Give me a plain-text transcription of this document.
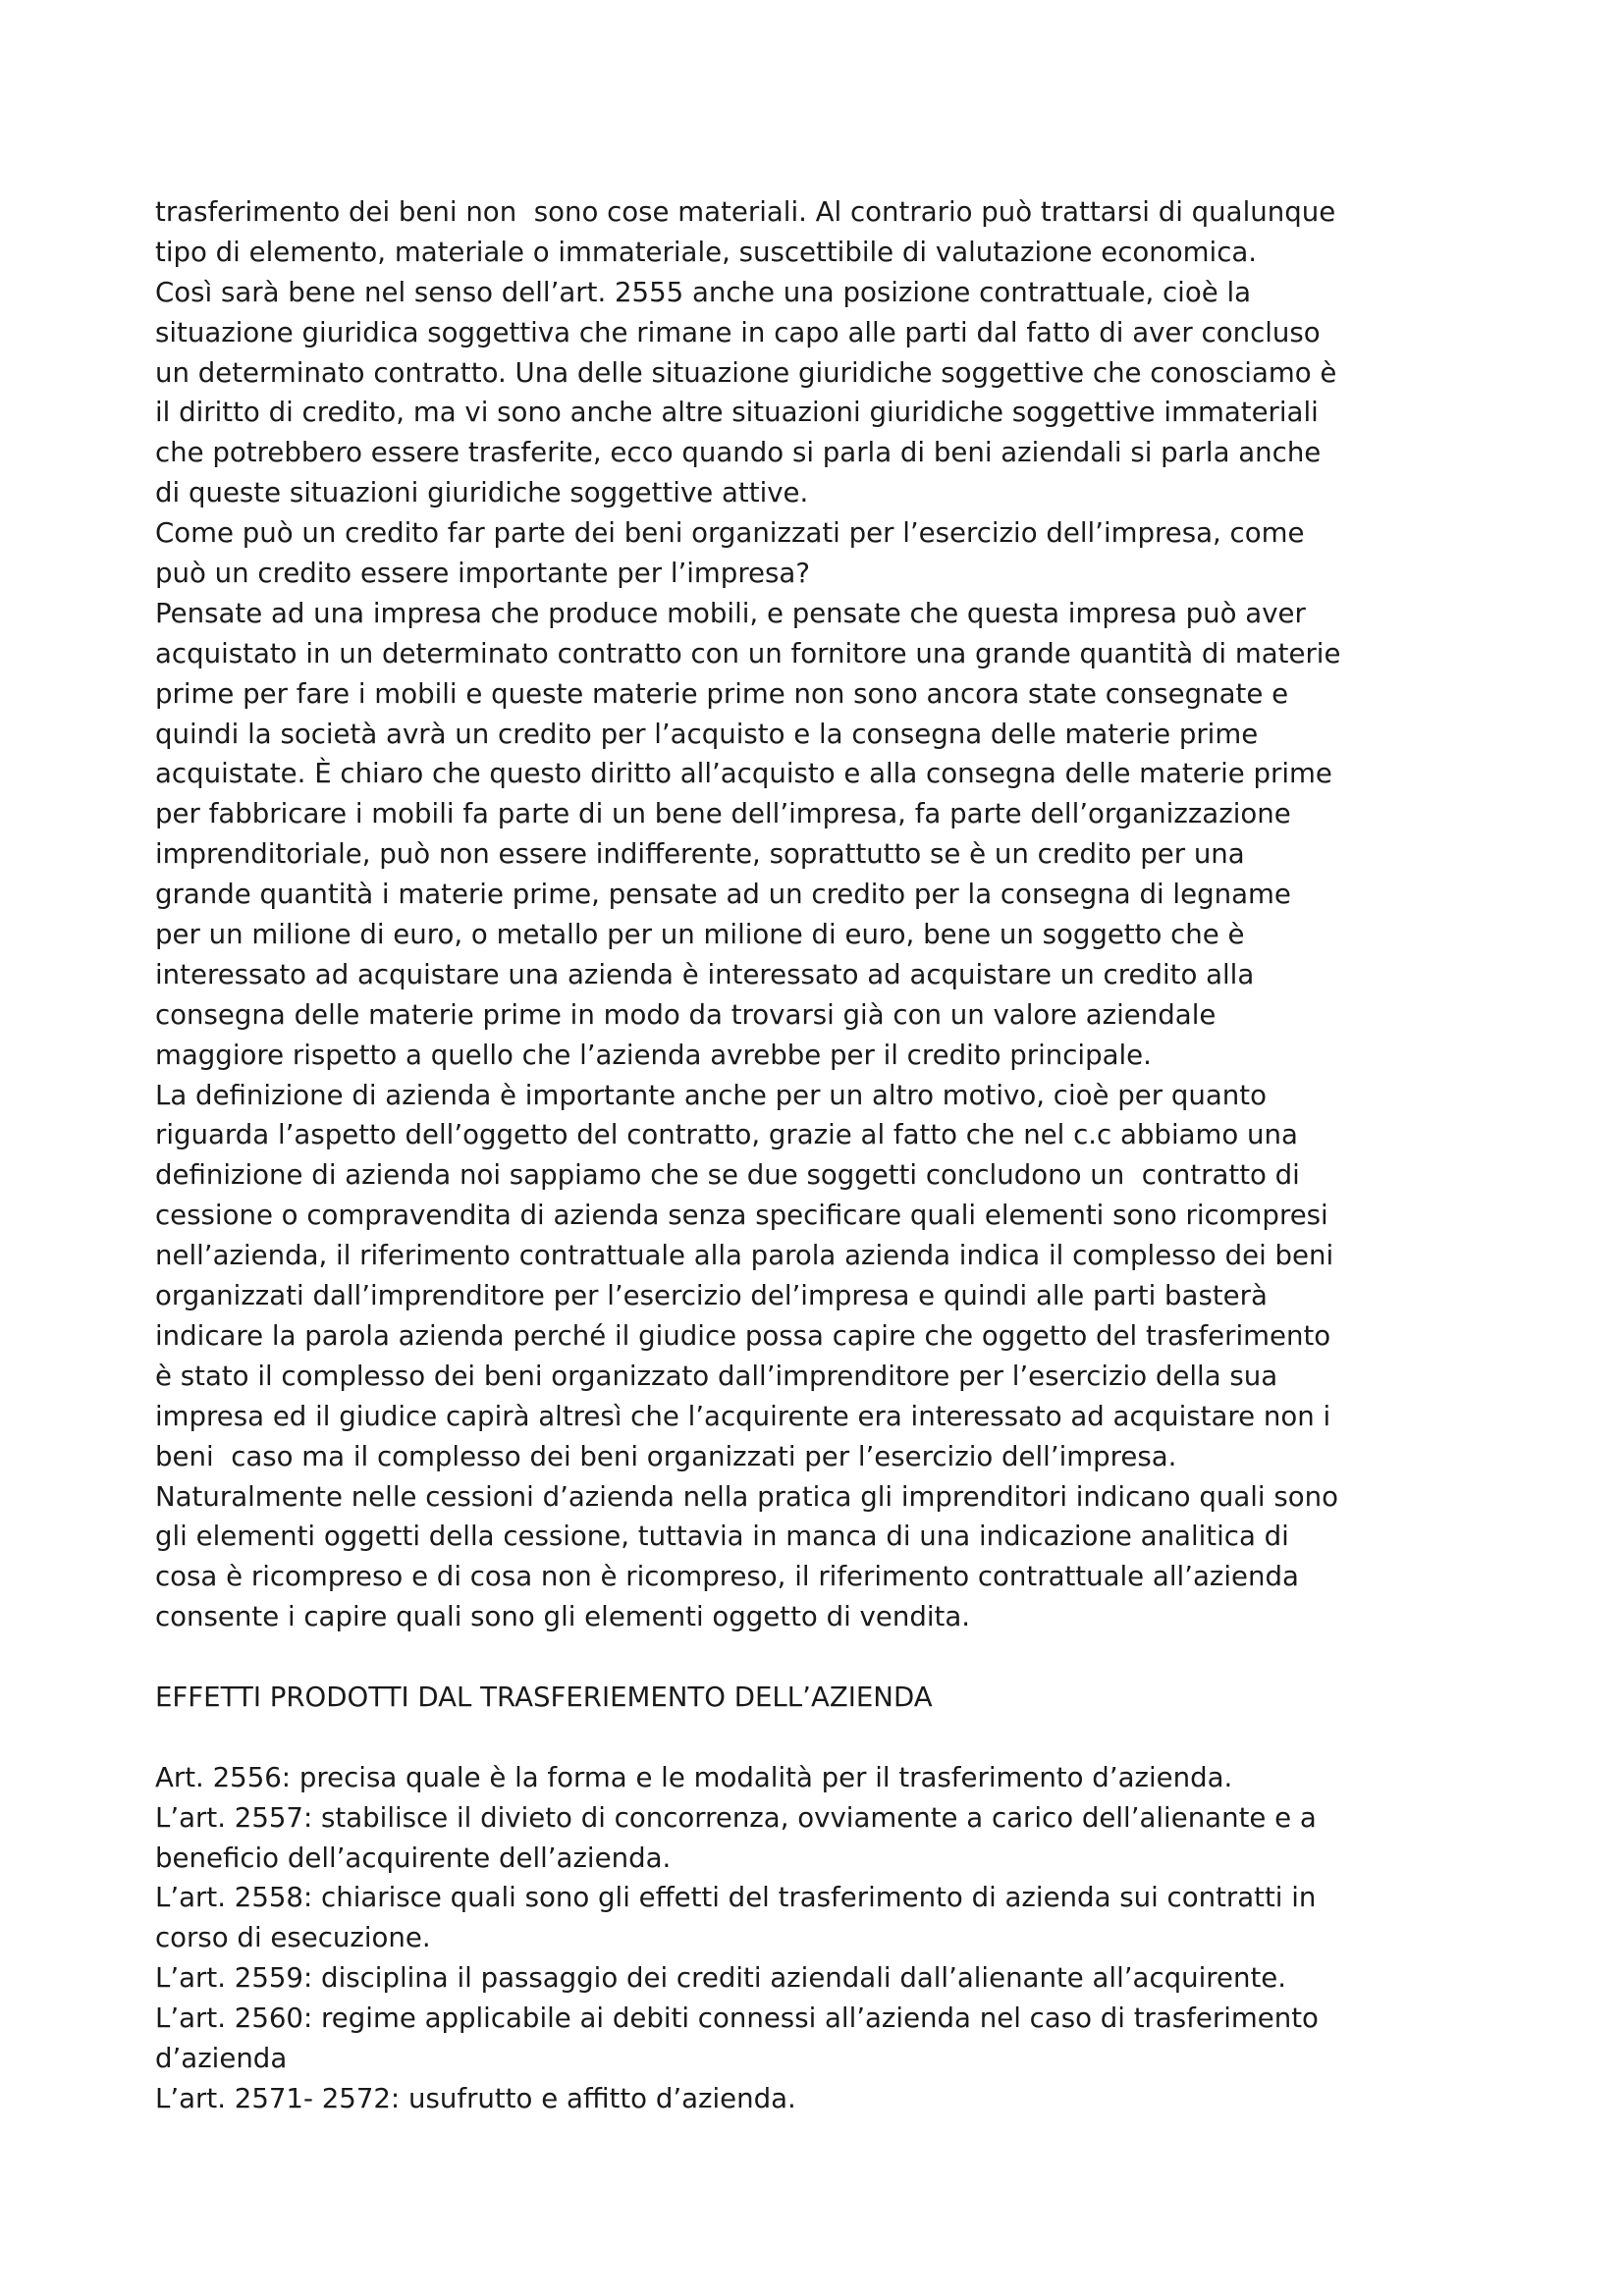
trasferimento dei beni non  sono cose materiali. Al contrario può trattarsi di qualunque
tipo di elemento, materiale o immateriale, suscettibile di valutazione economica.
Così sarà bene nel senso dell’art. 2555 anche una posizione contrattuale, cioè la
situazione giuridica soggettiva che rimane in capo alle parti dal fatto di aver concluso
un determinato contratto. Una delle situazione giuridiche soggettive che conosciamo è
il diritto di credito, ma vi sono anche altre situazioni giuridiche soggettive immateriali
che potrebbero essere trasferite, ecco quando si parla di beni aziendali si parla anche
di queste situazioni giuridiche soggettive attive.
Come può un credito far parte dei beni organizzati per l’esercizio dell’impresa, come
può un credito essere importante per l’impresa?
Pensate ad una impresa che produce mobili, e pensate che questa impresa può aver
acquistato in un determinato contratto con un fornitore una grande quantità di materie
prime per fare i mobili e queste materie prime non sono ancora state consegnate e
quindi la società avrà un credito per l’acquisto e la consegna delle materie prime
acquistate. È chiaro che questo diritto all’acquisto e alla consegna delle materie prime
per fabbricare i mobili fa parte di un bene dell’impresa, fa parte dell’organizzazione
imprenditoriale, può non essere indifferente, soprattutto se è un credito per una
grande quantità i materie prime, pensate ad un credito per la consegna di legname
per un milione di euro, o metallo per un milione di euro, bene un soggetto che è
interessato ad acquistare una azienda è interessato ad acquistare un credito alla
consegna delle materie prime in modo da trovarsi già con un valore aziendale
maggiore rispetto a quello che l’azienda avrebbe per il credito principale.
La definizione di azienda è importante anche per un altro motivo, cioè per quanto
riguarda l’aspetto dell’oggetto del contratto, grazie al fatto che nel c.c abbiamo una
definizione di azienda noi sappiamo che se due soggetti concludono un  contratto di
cessione o compravendita di azienda senza specificare quali elementi sono ricompresi
nell’azienda, il riferimento contrattuale alla parola azienda indica il complesso dei beni
organizzati dall’imprenditore per l’esercizio del’impresa e quindi alle parti basterà
indicare la parola azienda perché il giudice possa capire che oggetto del trasferimento
è stato il complesso dei beni organizzato dall’imprenditore per l’esercizio della sua
impresa ed il giudice capirà altresì che l’acquirente era interessato ad acquistare non i
beni  caso ma il complesso dei beni organizzati per l’esercizio dell’impresa.
Naturalmente nelle cessioni d’azienda nella pratica gli imprenditori indicano quali sono
gli elementi oggetti della cessione, tuttavia in manca di una indicazione analitica di
cosa è ricompreso e di cosa non è ricompreso, il riferimento contrattuale all’azienda
consente i capire quali sono gli elementi oggetto di vendita.
EFFETTI PRODOTTI DAL TRASFERIEMENTO DELL’AZIENDA
Art. 2556: precisa quale è la forma e le modalità per il trasferimento d’azienda.
L’art. 2557: stabilisce il divieto di concorrenza, ovviamente a carico dell’alienante e a
beneficio dell’acquirente dell’azienda.
L’art. 2558: chiarisce quali sono gli effetti del trasferimento di azienda sui contratti in
corso di esecuzione.
L’art. 2559: disciplina il passaggio dei crediti aziendali dall’alienante all’acquirente.
L’art. 2560: regime applicabile ai debiti connessi all’azienda nel caso di trasferimento
d’azienda
L’art. 2571- 2572: usufrutto e affitto d’azienda.
